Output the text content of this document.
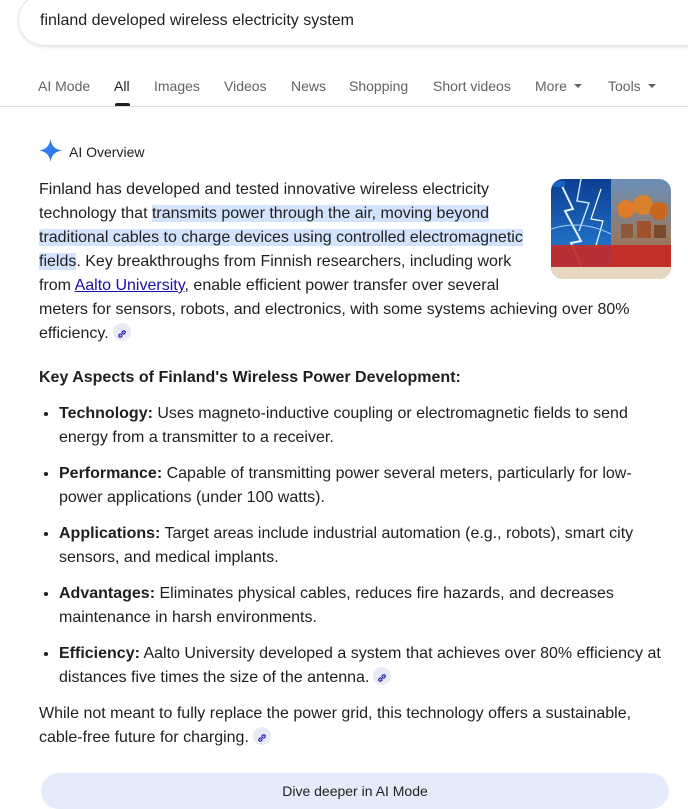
finland developed wireless electricity system
AI Mode All Images Videos News Shopping Short videos More	Tools
AI Overview

Finland has developed and tested innovative wireless electricity technology that transmits power through the air, moving beyond traditional cables to charge devices using controlled electromagnetic fields. Key breakthroughs from Finnish researchers, including work from Aalto University, enable efficient power transfer over several meters for sensors, robots, and electronics, with some systems achieving over 80% efficiency.

Key Aspects of Finland's Wireless Power Development:

• Technology: Uses magneto-inductive coupling or electromagnetic fields to send energy from a transmitter to a receiver.
• Performance: Capable of transmitting power several meters, particularly for low-power applications (under 100 watts).
• Applications: Target areas include industrial automation (e.g., robots), smart city sensors, and medical implants.
• Advantages: Eliminates physical cables, reduces fire hazards, and decreases maintenance in harsh environments.
• Efficiency: Aalto University developed a system that achieves over 80% efficiency at distances five times the size of the antenna.

While not meant to fully replace the power grid, this technology offers a sustainable, cable-free future for charging.

Dive deeper in AI Mode
